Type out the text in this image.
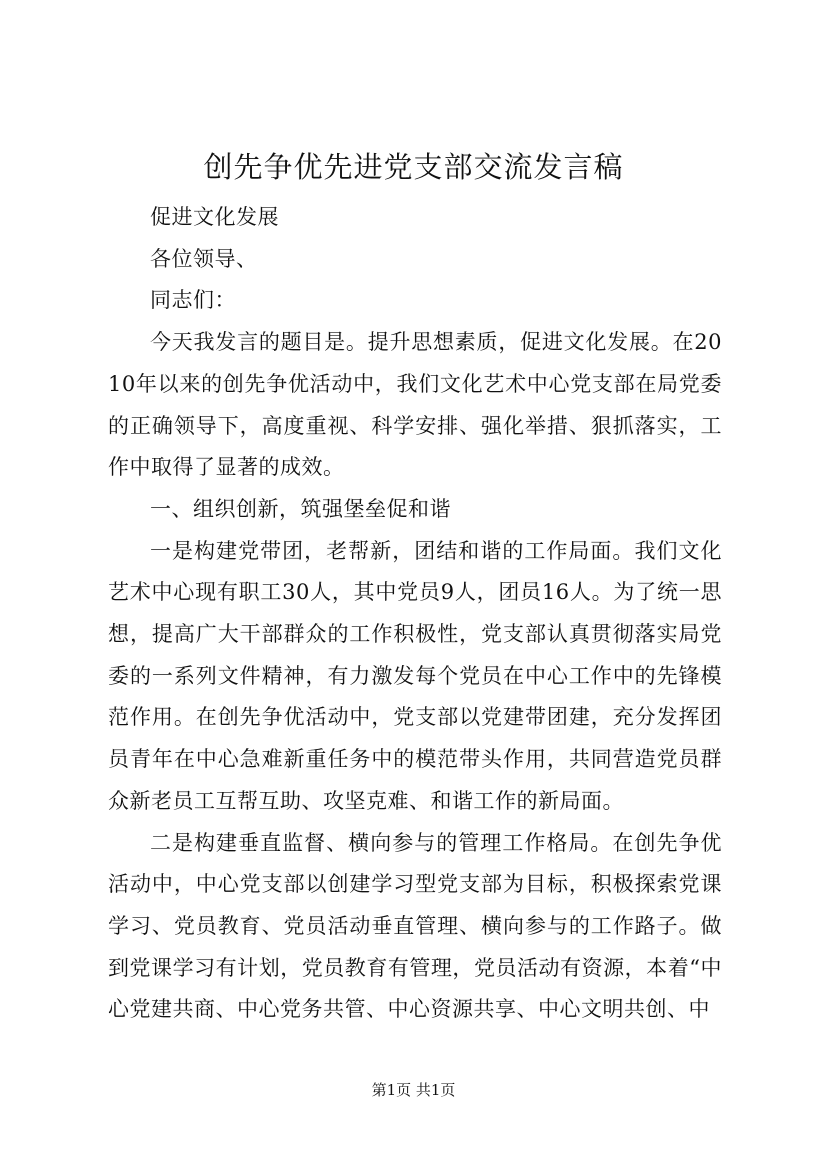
创先争优先进党支部交流发言稿

促进文化发展

各位领导、

同志们：

今天我发言的题目是。提升思想素质，促进文化发展。在2010年以来的创先争优活动中，我们文化艺术中心党支部在局党委的正确领导下，高度重视、科学安排、强化举措、狠抓落实，工作中取得了显著的成效。

一、组织创新，筑强堡垒促和谐

一是构建党带团，老帮新，团结和谐的工作局面。我们文化艺术中心现有职工30人，其中党员9人，团员16人。为了统一思想，提高广大干部群众的工作积极性，党支部认真贯彻落实局党委的一系列文件精神，有力激发每个党员在中心工作中的先锋模范作用。在创先争优活动中，党支部以党建带团建，充分发挥团员青年在中心急难新重任务中的模范带头作用，共同营造党员群众新老员工互帮互助、攻坚克难、和谐工作的新局面。

二是构建垂直监督、横向参与的管理工作格局。在创先争优活动中，中心党支部以创建学习型党支部为目标，积极探索党课学习、党员教育、党员活动垂直管理、横向参与的工作路子。做到党课学习有计划，党员教育有管理，党员活动有资源，本着“中心党建共商、中心党务共管、中心资源共享、中心文明共创、中

第1页 共1页
